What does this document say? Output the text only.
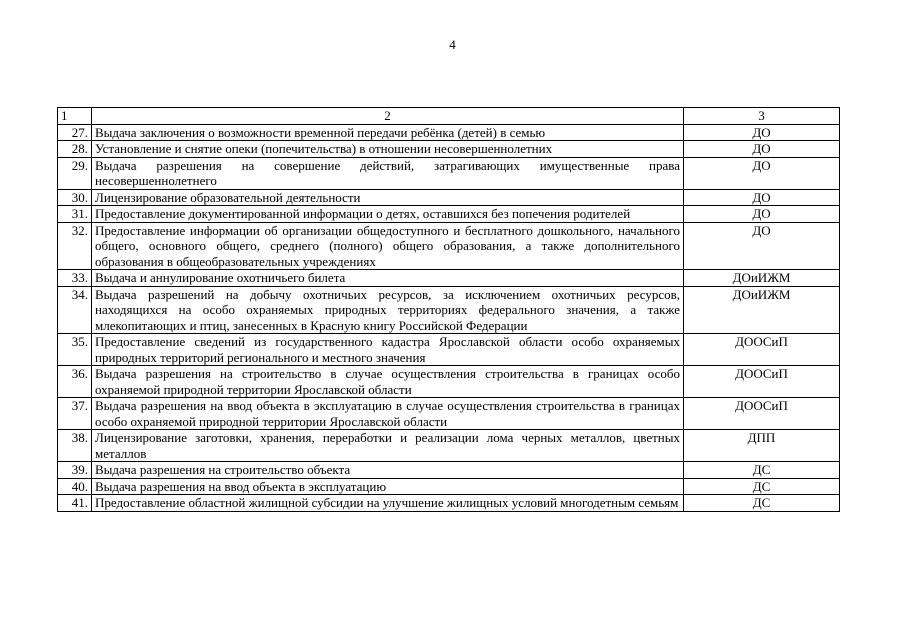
4
1	2	3
27.	Выдача заключения о возможности временной передачи ребёнка (детей) в семью	ДО
28.	Установление и снятие опеки (попечительства) в отношении несовершеннолетних	ДО
29.	Выдача разрешения на совершение действий, затрагивающих имущественные права несовершеннолетнего	ДО
30.	Лицензирование образовательной деятельности	ДО
31.	Предоставление документированной информации о детях, оставшихся без попечения родителей	ДО
32.	Предоставление информации об организации общедоступного и бесплатного дошкольного, начального общего, основного общего, среднего (полного) общего образования, а также дополнительного образования в общеобразовательных учреждениях	ДО
33.	Выдача и аннулирование охотничьего билета	ДОиИЖМ
34.	Выдача разрешений на добычу охотничьих ресурсов, за исключением охотничьих ресурсов, находящихся на особо охраняемых природных территориях федерального значения, а также млекопитающих и птиц, занесенных в Красную книгу Российской Федерации	ДОиИЖМ
35.	Предоставление сведений из государственного кадастра Ярославской области особо охраняемых природных территорий регионального и местного значения	ДООСиП
36.	Выдача разрешения на строительство в случае осуществления строительства в границах особо охраняемой природной территории Ярославской области	ДООСиП
37.	Выдача разрешения на ввод объекта в эксплуатацию в случае осуществления строительства в границах особо охраняемой природной территории Ярославской области	ДООСиП
38.	Лицензирование заготовки, хранения, переработки и реализации лома черных металлов, цветных металлов	ДПП
39.	Выдача разрешения на строительство объекта	ДС
40.	Выдача разрешения на ввод объекта в эксплуатацию	ДС
41.	Предоставление областной жилищной субсидии на улучшение жилищных условий многодетным семьям	ДС
